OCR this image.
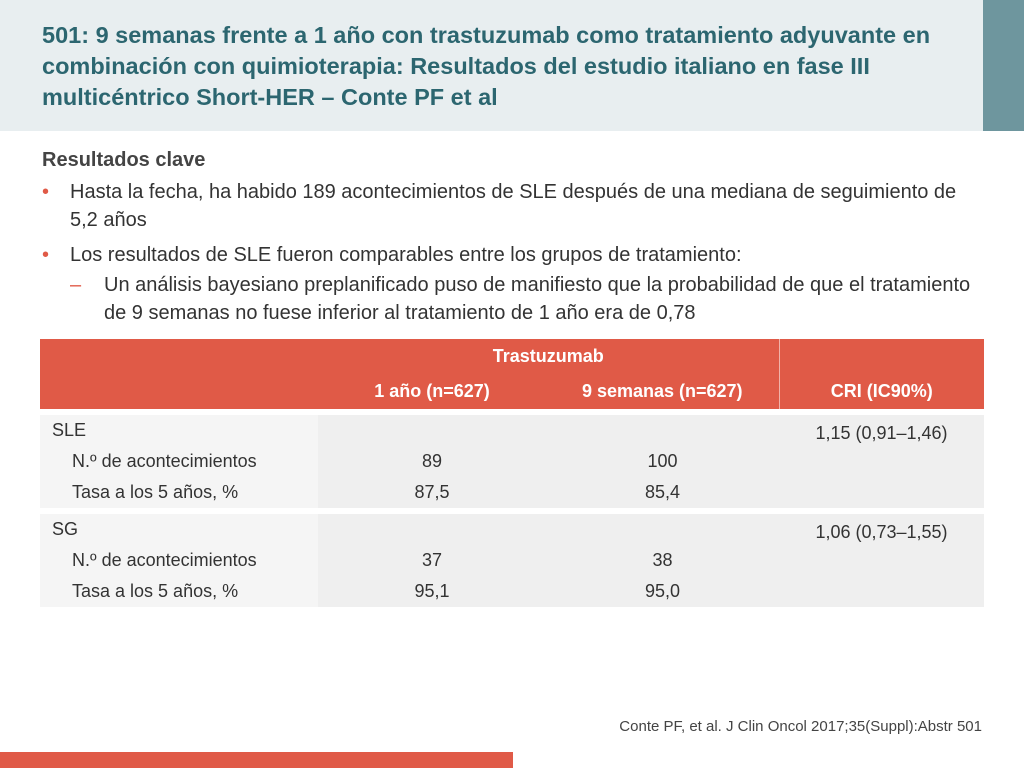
501: 9 semanas frente a 1 año con trastuzumab como tratamiento adyuvante en combinación con quimioterapia: Resultados del estudio italiano en fase III multicéntrico Short-HER – Conte PF et al
Resultados clave
• Hasta la fecha, ha habido 189 acontecimientos de SLE después de una mediana de seguimiento de 5,2 años
• Los resultados de SLE fueron comparables entre los grupos de tratamiento:
– Un análisis bayesiano preplanificado puso de manifiesto que la probabilidad de que el tratamiento de 9 semanas no fuese inferior al tratamiento de 1 año era de 0,78
	Trastuzumab		
	1 año (n=627)	9 semanas (n=627)	CRI (IC90%)

SLE			1,15 (0,91–1,46)
N.º de acontecimientos	89	100	
Tasa a los 5 años, %	87,5	85,4	

SG			1,06 (0,73–1,55)
N.º de acontecimientos	37	38	
Tasa a los 5 años, %	95,1	95,0	
Conte PF, et al. J Clin Oncol 2017;35(Suppl):Abstr 501
